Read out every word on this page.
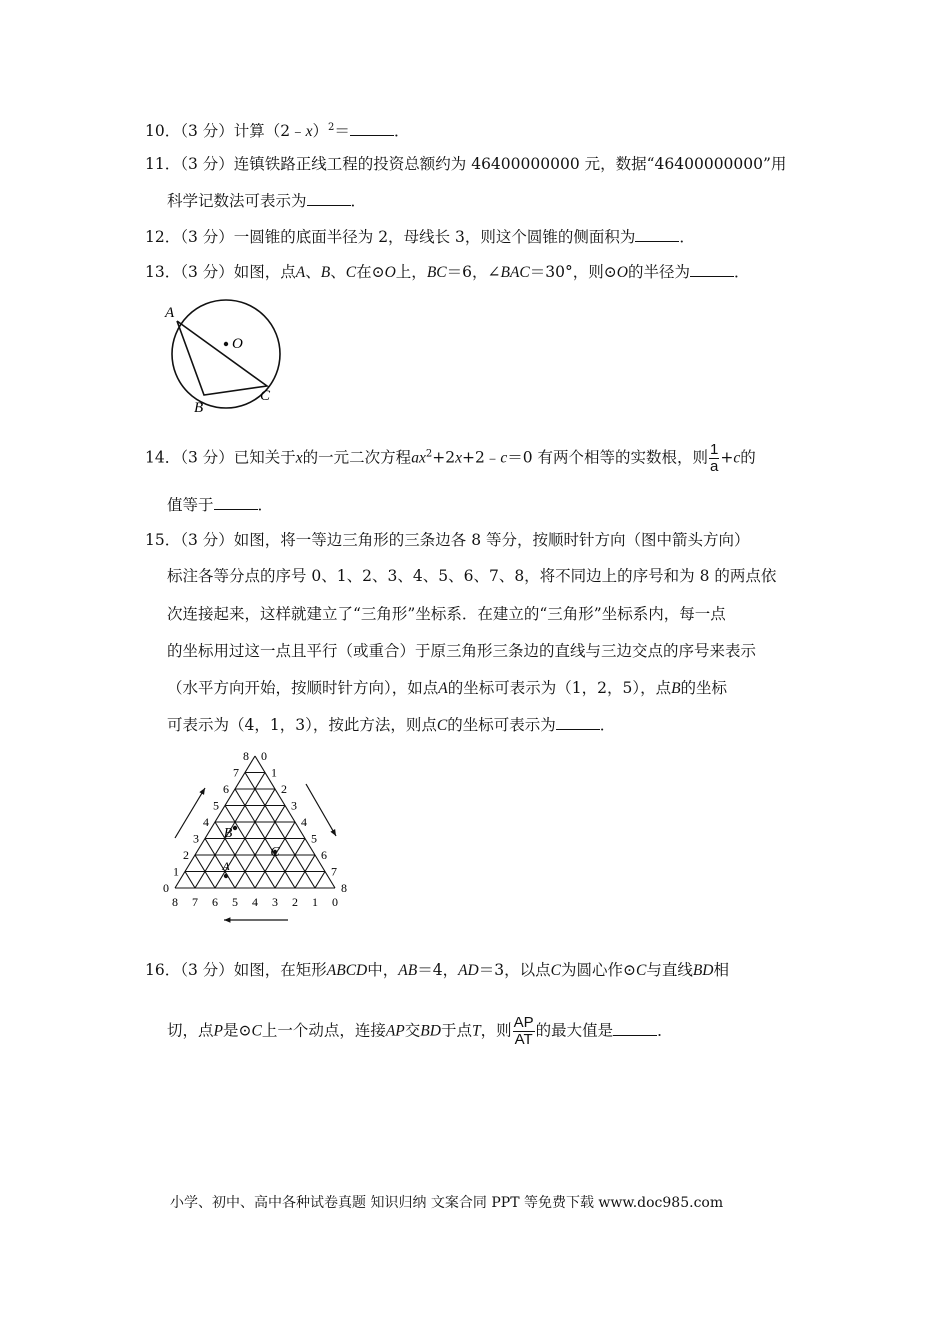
10．（3 分）计算（2﹣x）$^2$＝	．
11．（3 分）连镇铁路正线工程的投资总额约为 46400000000 元，数据“46400000000”用
科学记数法可表示为	．
12．（3 分）一圆锥的底面半径为 2，母线长 3，则这个圆锥的侧面积为	．
13．（3 分）如图，点A、B、C在⊙O上，BC＝6，∠BAC＝30°，则⊙O的半径为	．
A
O
B
C
14．（3 分）已知关于x的一元二次方程$ax^2+2x+2﹣c=0$ 有两个相等的实数根，则 $\frac{1}{a} +c$的
值等于	．
15．（3 分）如图，将一等边三角形的三条边各 8 等分，按顺时针方向（图中箭头方向）
标注各等分点的序号 0、1、2、3、4、5、6、7、8，将不同边上的序号和为 8 的两点依
次连接起来，这样就建立了“三角形”坐标系．在建立的“三角形”坐标系内，每一点
的坐标用过这一点且平行（或重合）于原三角形三条边的直线与三边交点的序号来表示
（水平方向开始，按顺时针方向），如点A的坐标可表示为（1，2，5），点B的坐标
可表示为（4，1，3），按此方法，则点C的坐标可表示为	．
0
1
2
3
4
5
6
7
8 0
1
2
3
4
5
6
7
8
8 7 6 5 4 3 2 1 0
A
B
C
16．（3 分）如图，在矩形ABCD中，AB＝4，AD＝3，以点C为圆心作⊙C与直线BD相
切，点P是⊙C上一个动点，连接AP交BD于点T，则 $\frac{AP}{AT}$ 的最大值是	．
小学、初中、高中各种试卷真题 知识归纳 文案合同 PPT 等免费下载 www.doc985.com
